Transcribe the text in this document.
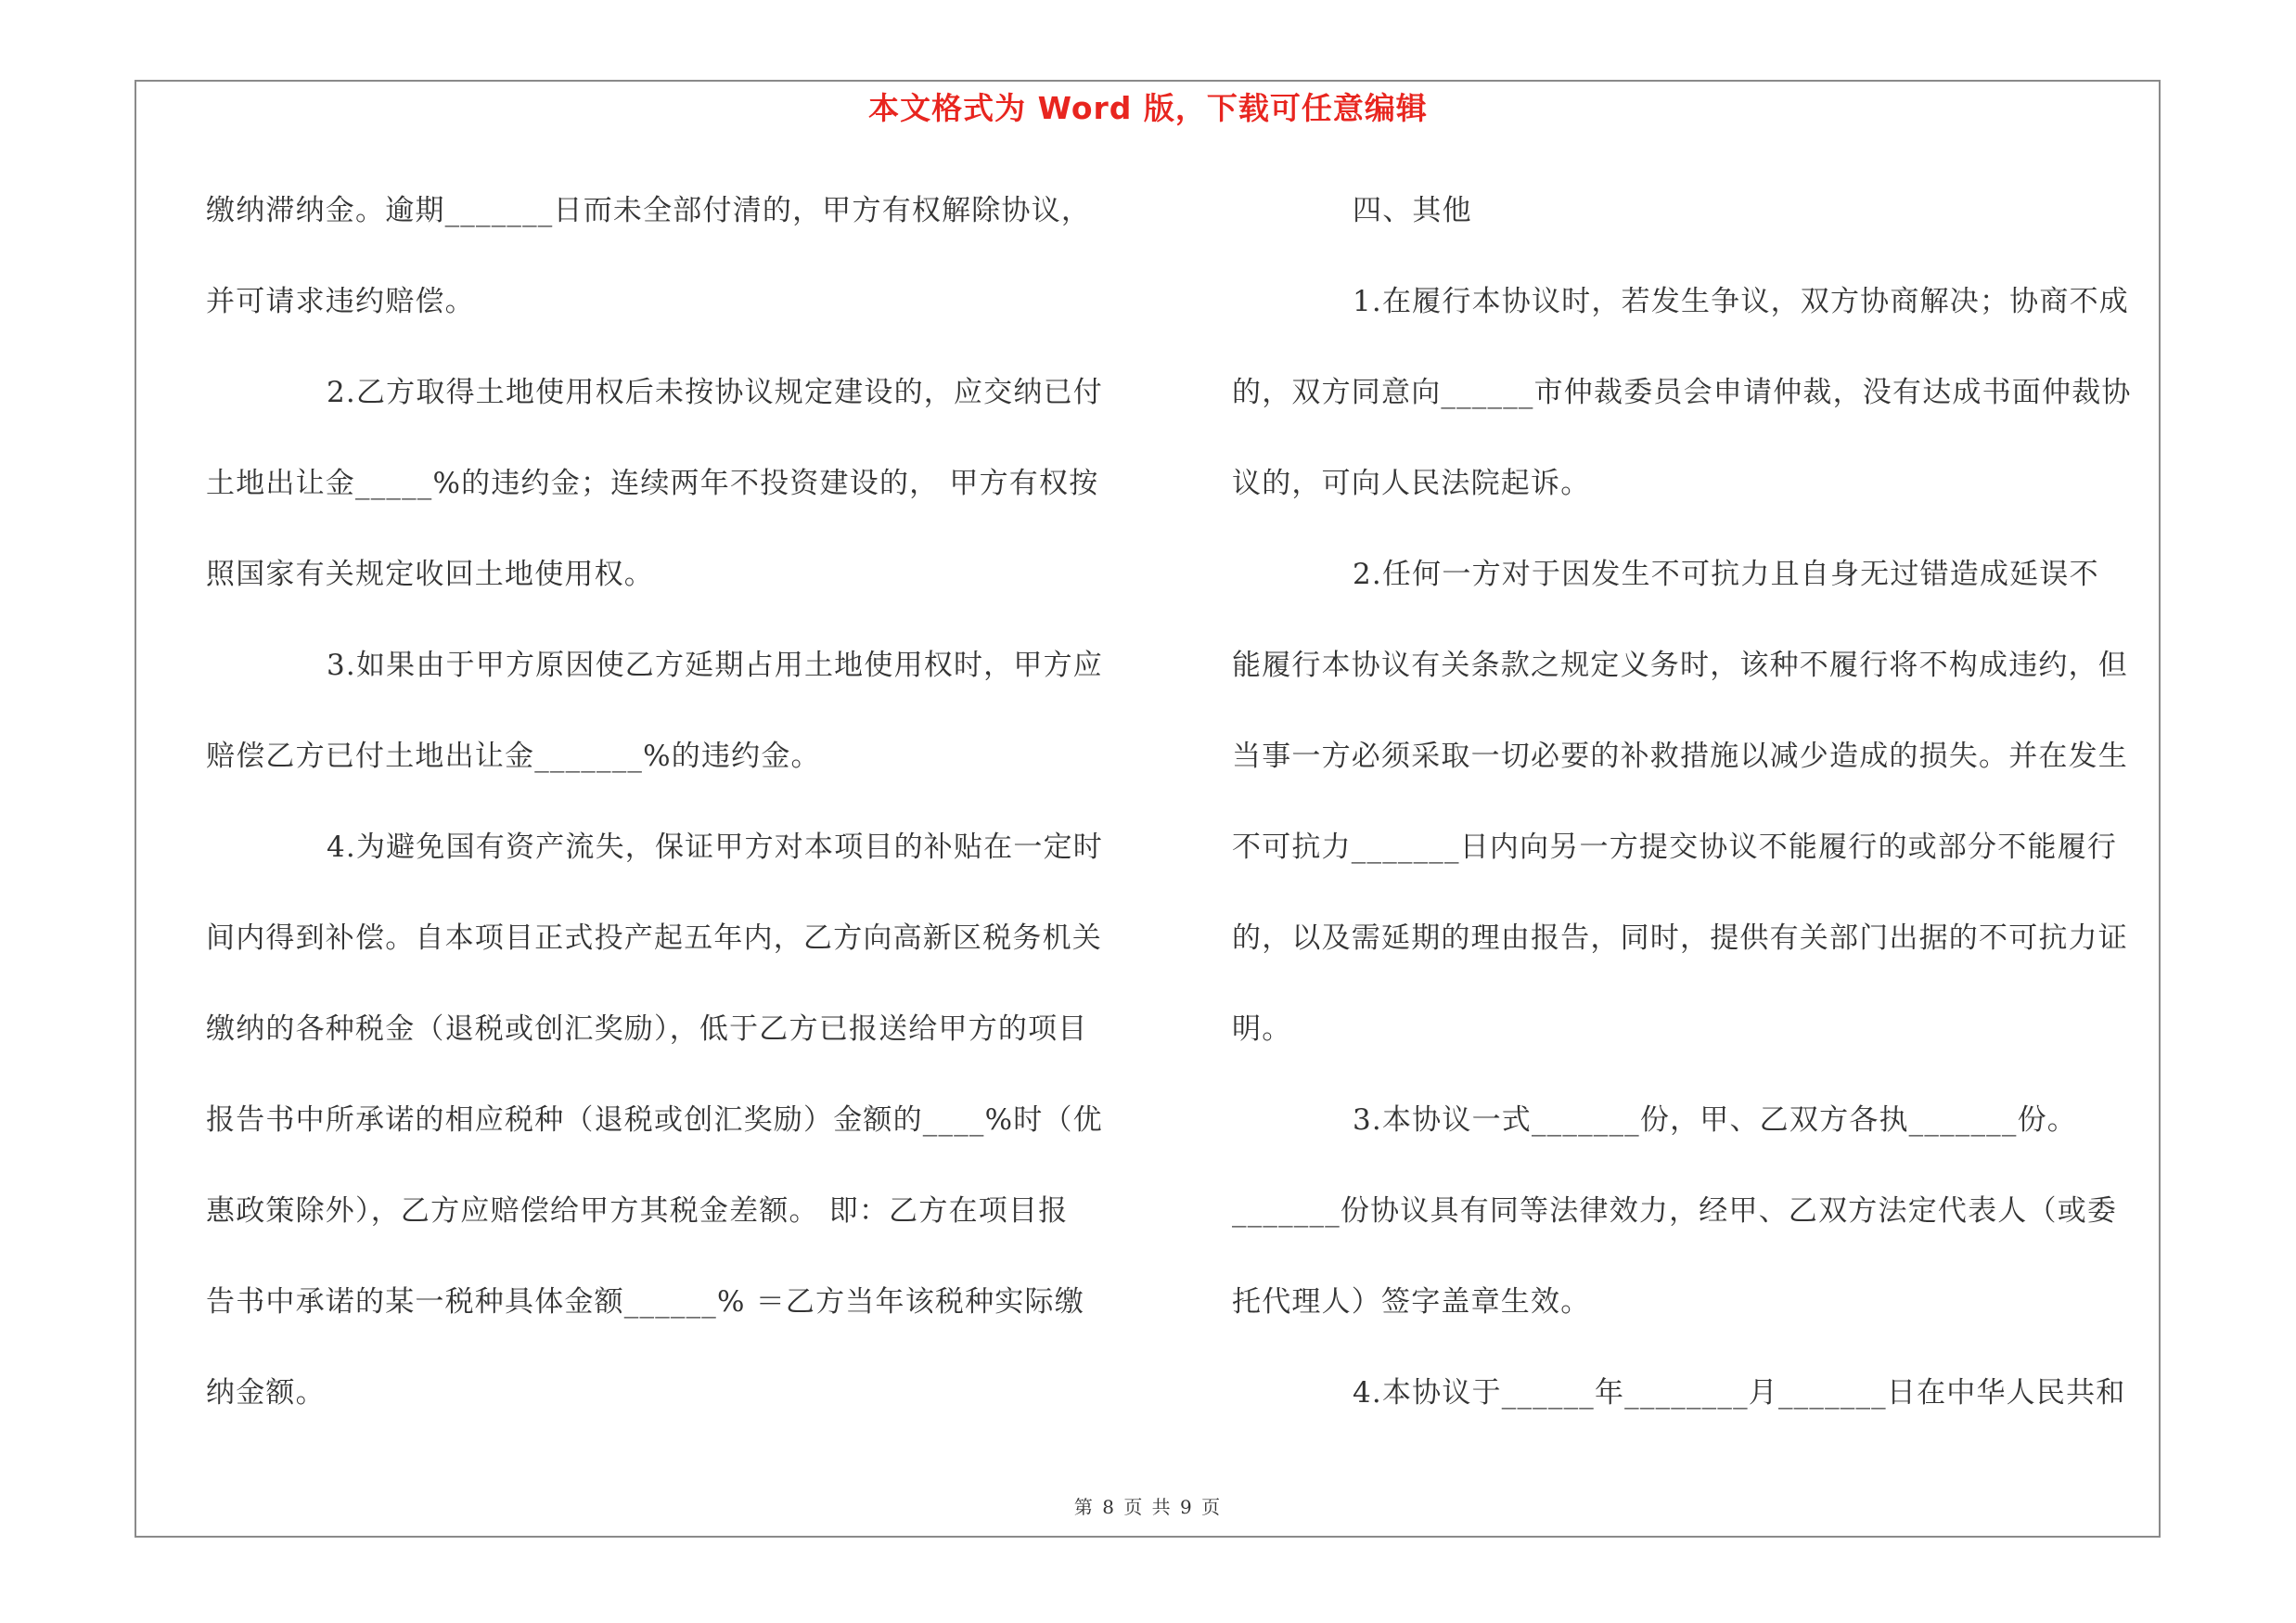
本文格式为 Word 版，下载可任意编辑
缴纳滞纳金。逾期_______日而未全部付清的，甲方有权解除协议，
并可请求违约赔偿。
2.乙方取得土地使用权后未按协议规定建设的，应交纳已付
土地出让金_____%的违约金；连续两年不投资建设的， 甲方有权按
照国家有关规定收回土地使用权。
3.如果由于甲方原因使乙方延期占用土地使用权时，甲方应
赔偿乙方已付土地出让金_______%的违约金。
4.为避免国有资产流失，保证甲方对本项目的补贴在一定时
间内得到补偿。自本项目正式投产起五年内，乙方向高新区税务机关
缴纳的各种税金（退税或创汇奖励），低于乙方已报送给甲方的项目
报告书中所承诺的相应税种（退税或创汇奖励）金额的____%时（优
惠政策除外），乙方应赔偿给甲方其税金差额。 即：乙方在项目报
告书中承诺的某一税种具体金额______% ＝乙方当年该税种实际缴
纳金额。
四、其他
1.在履行本协议时，若发生争议，双方协商解决；协商不成
的，双方同意向______市仲裁委员会申请仲裁，没有达成书面仲裁协
议的，可向人民法院起诉。
2.任何一方对于因发生不可抗力且自身无过错造成延误不
能履行本协议有关条款之规定义务时，该种不履行将不构成违约，但
当事一方必须采取一切必要的补救措施以减少造成的损失。并在发生
不可抗力_______日内向另一方提交协议不能履行的或部分不能履行
的，以及需延期的理由报告，同时，提供有关部门出据的不可抗力证
明。
3.本协议一式_______份，甲、乙双方各执_______份。
_______份协议具有同等法律效力，经甲、乙双方法定代表人（或委
托代理人）签字盖章生效。
4.本协议于______年________月_______日在中华人民共和
第 8 页 共 9 页
